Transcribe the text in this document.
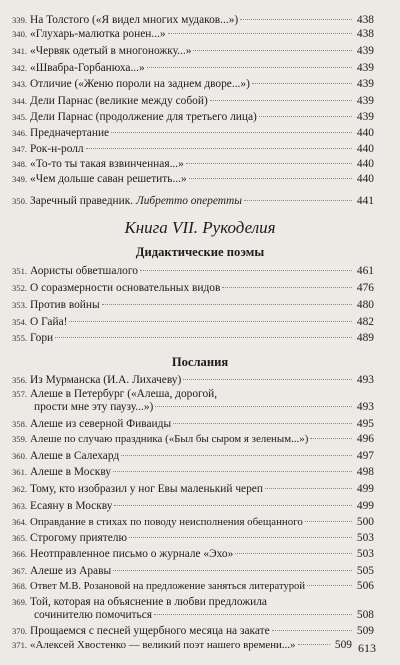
339. На Толстого («Я видел многих мудаков...»)	438
340. «Глухарь-малютка ронен...»	438
341. «Червяк одетый в многоножку...»	439
342. «Швабра-Горбанюха...»	439
343. Отличие («Женю пороли на заднем дворе...»)	439
344. Дели Парнас (великие между собой)	439
345. Дели Парнас (продолжение для третьего лица)	439
346. Предначертание	440
347. Рок-н-ролл	440
348. «То-то ты такая взвинченная...»	440
349. «Чем дольше саван решетить...»	440
350. Заречный праведник. Либретто оперетты	441
Книга VII. Рукоделия
Дидактические поэмы
351. Аористы обветшалого	461
352. О соразмерности основательных видов	476
353. Против войны	480
354. О Гайа!	482
355. Гори	489
Послания
356. Из Мурманска (И.А. Лихачеву)	493
357. Алеше в Петербург («Алеша, дорогой,
прости мне эту паузу...»)	493
358. Алеше из северной Фиваиды	495
359. Алеше по случаю праздника («Был бы сыром я зеленым...»)	496
360. Алеше в Салехард	497
361. Алеше в Москву	498
362. Тому, кто изобразил у ног Евы маленький череп	499
363. Есаяну в Москву	499
364. Оправдание в стихах по поводу неисполнения обещанного	500
365. Строгому приятелю	503
366. Неотправленное письмо о журнале «Эхо»	503
367. Алеше из Аравы	505
368. Ответ М.В. Розановой на предложение заняться литературой	506
369. Той, которая на объяснение в любви предложила
сочинителю помочиться	508
370. Прощаемся с песней ущербного месяца на закате	509
371. «Алексей Хвостенко — великий поэт нашего времени...»	509 613
